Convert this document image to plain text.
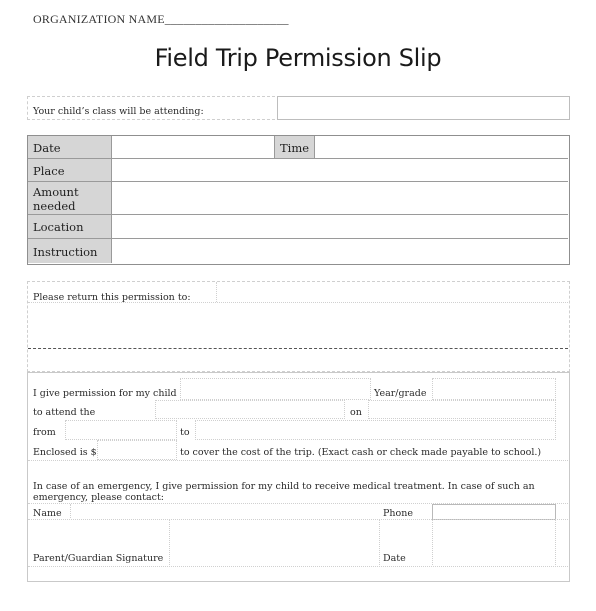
ORGANIZATION NAME____________________
Field Trip Permission Slip
Your child’s class will be attending:
Date	Time
Place
Amount
needed
Location
Instruction
Please return this permission to:
I give permission for my child	Year/grade
to attend the	on
from	to
Enclosed is $	to cover the cost of the trip. (Exact cash or check made payable to school.)
In case of an emergency, I give permission for my child to receive medical treatment. In case of such an
emergency, please contact:
Name	Phone
Parent/Guardian Signature	Date
